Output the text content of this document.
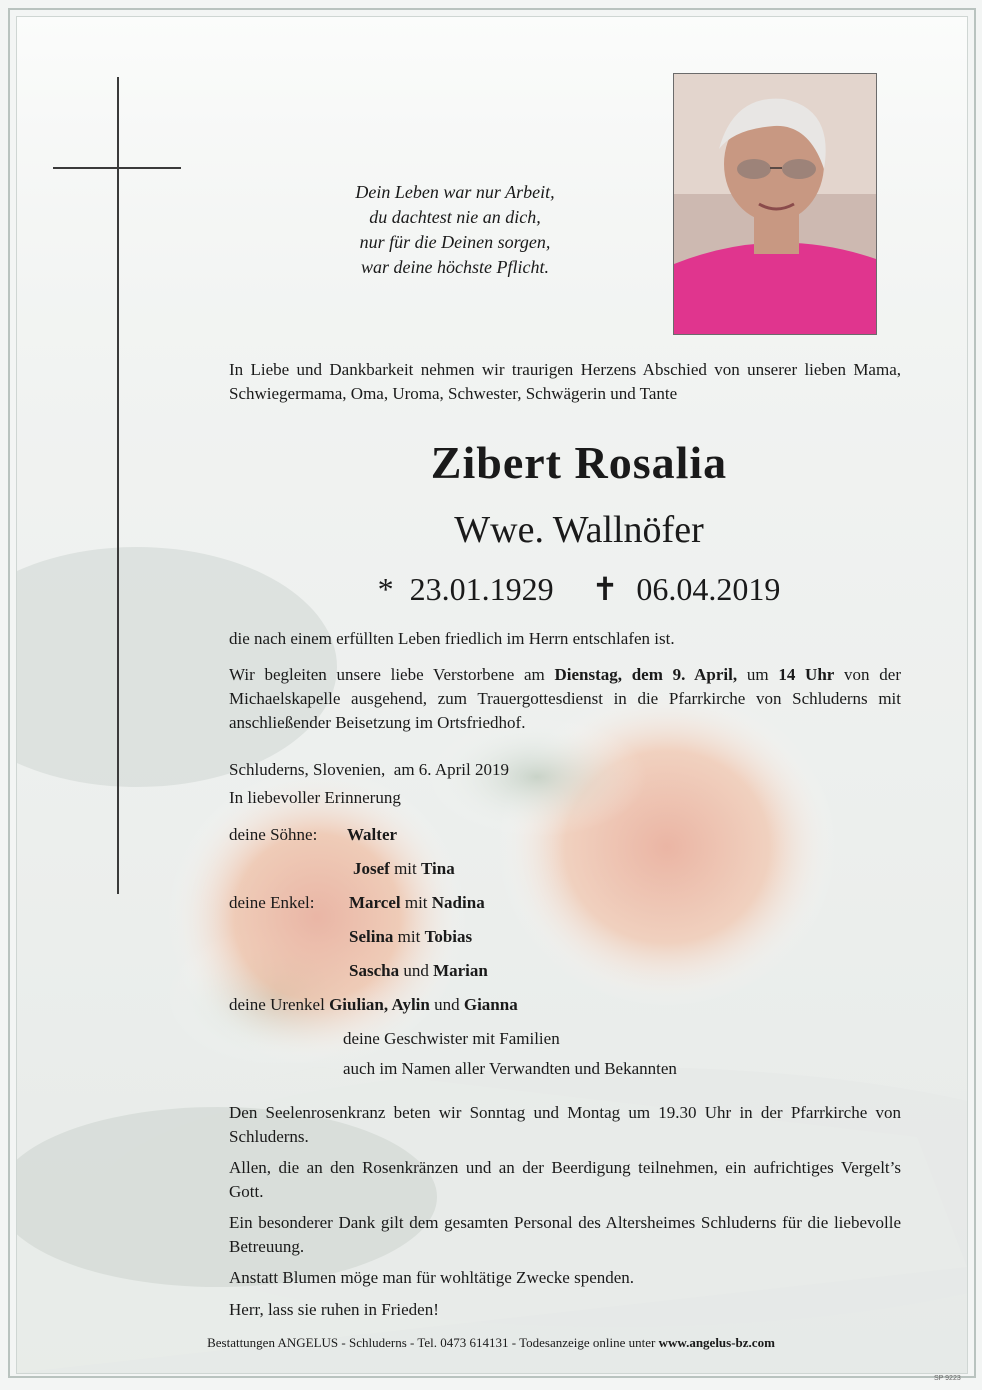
Dein Leben war nur Arbeit,
du dachtest nie an dich,
nur für die Deinen sorgen,
war deine höchste Pflicht.
In Liebe und Dankbarkeit nehmen wir traurigen Herzens Abschied von unserer lieben Mama, Schwiegermama, Oma, Uroma, Schwester, Schwägerin und Tante
Zibert Rosalia
Wwe. Wallnöfer
* 23.01.1929 ✝ 06.04.2019
die nach einem erfüllten Leben friedlich im Herrn entschlafen ist.
Wir begleiten unsere liebe Verstorbene am Dienstag, dem 9. April, um 14 Uhr von der Michaelskapelle ausgehend, zum Trauergottesdienst in die Pfarrkirche von Schluderns mit anschließender Beisetzung im Ortsfriedhof.
Schluderns, Slovenien,  am 6. April 2019
In liebevoller Erinnerung
deine Söhne: Walter
Josef mit Tina
deine Enkel: Marcel mit Nadina
Selina mit Tobias
Sascha und Marian
deine Urenkel Giulian, Aylin und Gianna
deine Geschwister mit Familien
auch im Namen aller Verwandten und Bekannten
Den Seelenrosenkranz beten wir Sonntag und Montag um 19.30 Uhr in der Pfarrkirche von Schluderns.
Allen, die an den Rosenkränzen und an der Beerdigung teilnehmen, ein aufrichtiges Vergelt’s Gott.
Ein besonderer Dank gilt dem gesamten Personal des Altersheimes Schluderns für die liebevolle Betreuung.
Anstatt Blumen möge man für wohltätige Zwecke spenden.
Herr, lass sie ruhen in Frieden!
Bestattungen ANGELUS - Schluderns - Tel. 0473 614131 - Todesanzeige online unter www.angelus-bz.com
SP 9223
